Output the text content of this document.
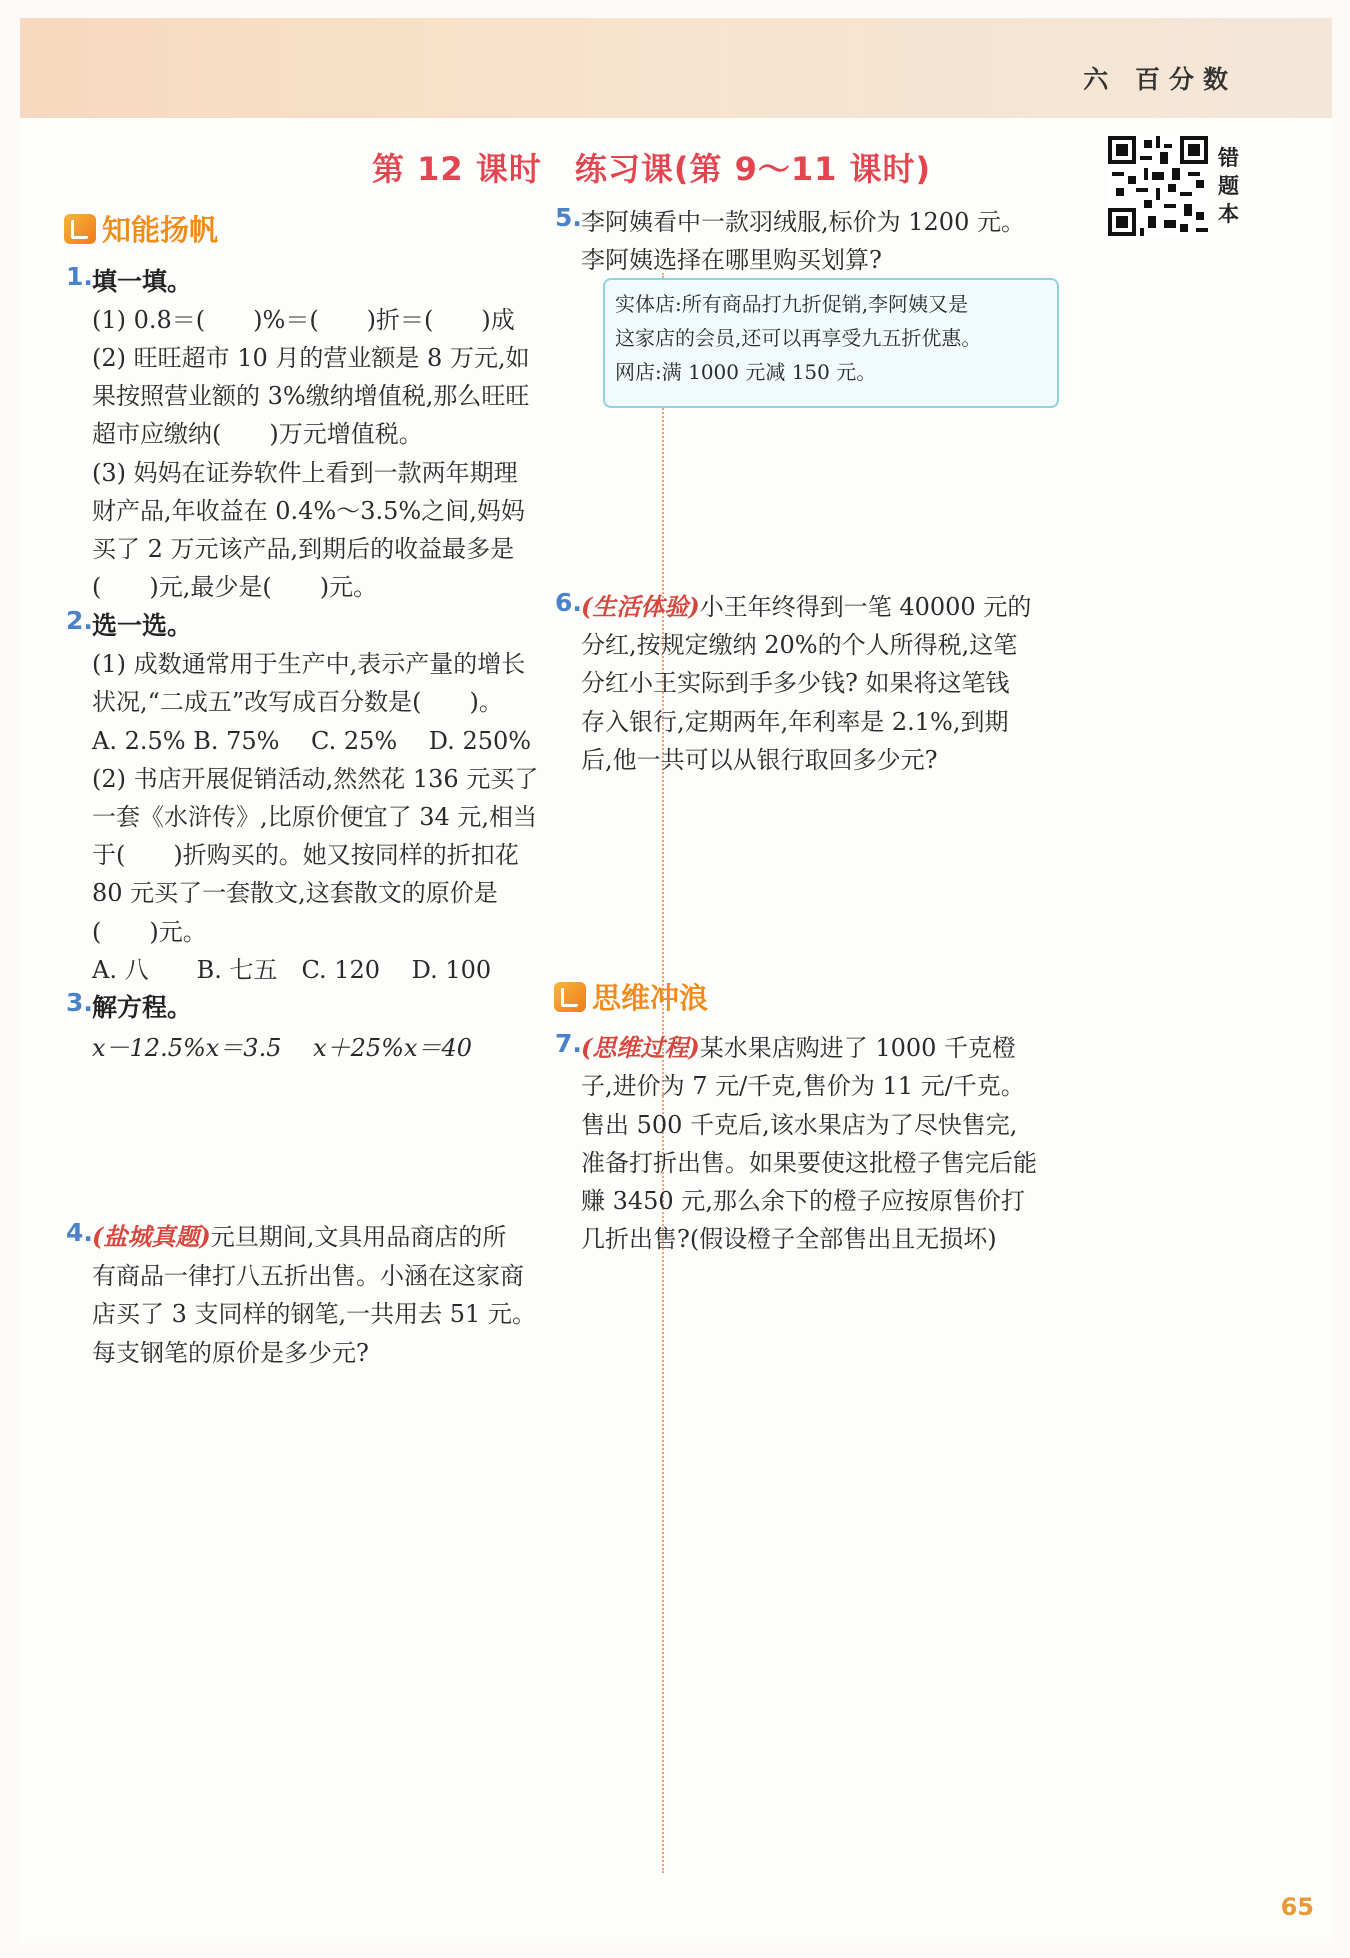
六 百分数
第 12 课时　练习课(第 9～11 课时)	错题本
知能扬帆
1. 填一填。
(1) 0.8＝(　　)%＝(　　)折＝(　　)成
(2) 旺旺超市 10 月的营业额是 8 万元,如
果按照营业额的 3%缴纳增值税,那么旺旺
超市应缴纳(　　)万元增值税。
(3) 妈妈在证券软件上看到一款两年期理
财产品,年收益在 0.4%～3.5%之间,妈妈
买了 2 万元该产品,到期后的收益最多是
(　　)元,最少是(　　)元。
2. 选一选。
(1) 成数通常用于生产中,表示产量的增长
状况,“二成五”改写成百分数是(　　)。
A. 2.5% B. 75%　 C. 25%　 D. 250%
(2) 书店开展促销活动,然然花 136 元买了
一套《水浒传》,比原价便宜了 34 元,相当
于(　　)折购买的。她又按同样的折扣花
80 元买了一套散文,这套散文的原价是
(　　)元。
A. 八　　B. 七五　C. 120　 D. 100
3. 解方程。
x－12.5%x＝3.5　 x＋25%x＝40
4. (盐城真题)元旦期间,文具用品商店的所
有商品一律打八五折出售。小涵在这家商
店买了 3 支同样的钢笔,一共用去 51 元。
每支钢笔的原价是多少元?
5. 李阿姨看中一款羽绒服,标价为 1200 元。
李阿姨选择在哪里购买划算?
实体店:所有商品打九折促销,李阿姨又是
这家店的会员,还可以再享受九五折优惠。
网店:满 1000 元减 150 元。
6. (生活体验)小王年终得到一笔 40000 元的
分红,按规定缴纳 20%的个人所得税,这笔
分红小王实际到手多少钱? 如果将这笔钱
存入银行,定期两年,年利率是 2.1%,到期
后,他一共可以从银行取回多少元?
思维冲浪
7. (思维过程)某水果店购进了 1000 千克橙
子,进价为 7 元/千克,售价为 11 元/千克。
售出 500 千克后,该水果店为了尽快售完,
准备打折出售。如果要使这批橙子售完后能
赚 3450 元,那么余下的橙子应按原售价打
几折出售?(假设橙子全部售出且无损坏)
65
